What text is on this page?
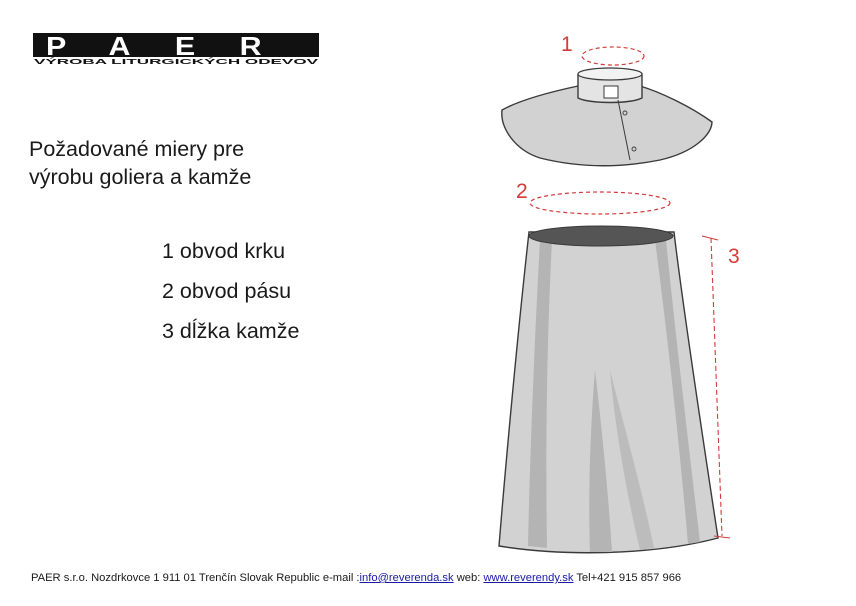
PAER
VÝROBA LITURGICKÝCH ODEVOV
Požadované miery pre
výrobu goliera a kamže
1 obvod krku
2 obvod pásu
3 dĺžka kamže
1
2
3
PAER s.r.o. Nozdrkovce 1 911 01 Trenčín Slovak Republic e-mail :info@reverenda.sk web: www.reverendy.sk Tel+421 915 857 966
